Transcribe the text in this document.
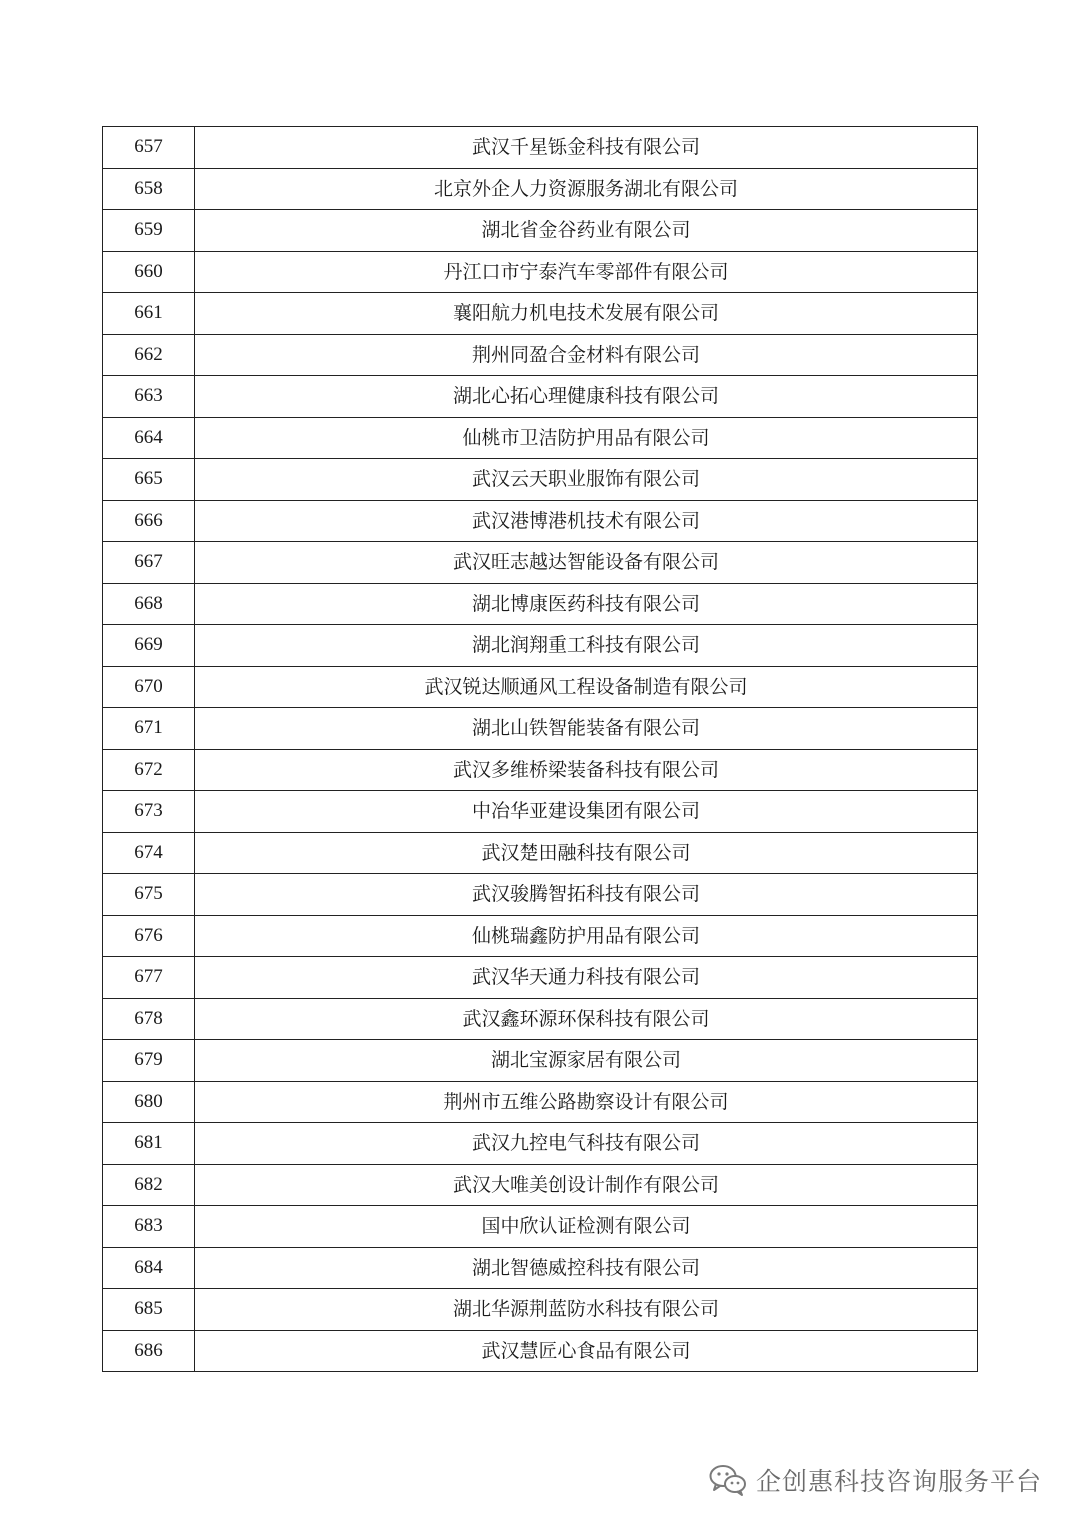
657	武汉千星铄金科技有限公司
658	北京外企人力资源服务湖北有限公司
659	湖北省金谷药业有限公司
660	丹江口市宁泰汽车零部件有限公司
661	襄阳航力机电技术发展有限公司
662	荆州同盈合金材料有限公司
663	湖北心拓心理健康科技有限公司
664	仙桃市卫洁防护用品有限公司
665	武汉云天职业服饰有限公司
666	武汉港博港机技术有限公司
667	武汉旺志越达智能设备有限公司
668	湖北博康医药科技有限公司
669	湖北润翔重工科技有限公司
670	武汉锐达顺通风工程设备制造有限公司
671	湖北山铁智能装备有限公司
672	武汉多维桥梁装备科技有限公司
673	中冶华亚建设集团有限公司
674	武汉楚田融科技有限公司
675	武汉骏腾智拓科技有限公司
676	仙桃瑞鑫防护用品有限公司
677	武汉华天通力科技有限公司
678	武汉鑫环源环保科技有限公司
679	湖北宝源家居有限公司
680	荆州市五维公路勘察设计有限公司
681	武汉九控电气科技有限公司
682	武汉大唯美创设计制作有限公司
683	国中欣认证检测有限公司
684	湖北智德威控科技有限公司
685	湖北华源荆蓝防水科技有限公司
686	武汉慧匠心食品有限公司
企创惠科技咨询服务平台
